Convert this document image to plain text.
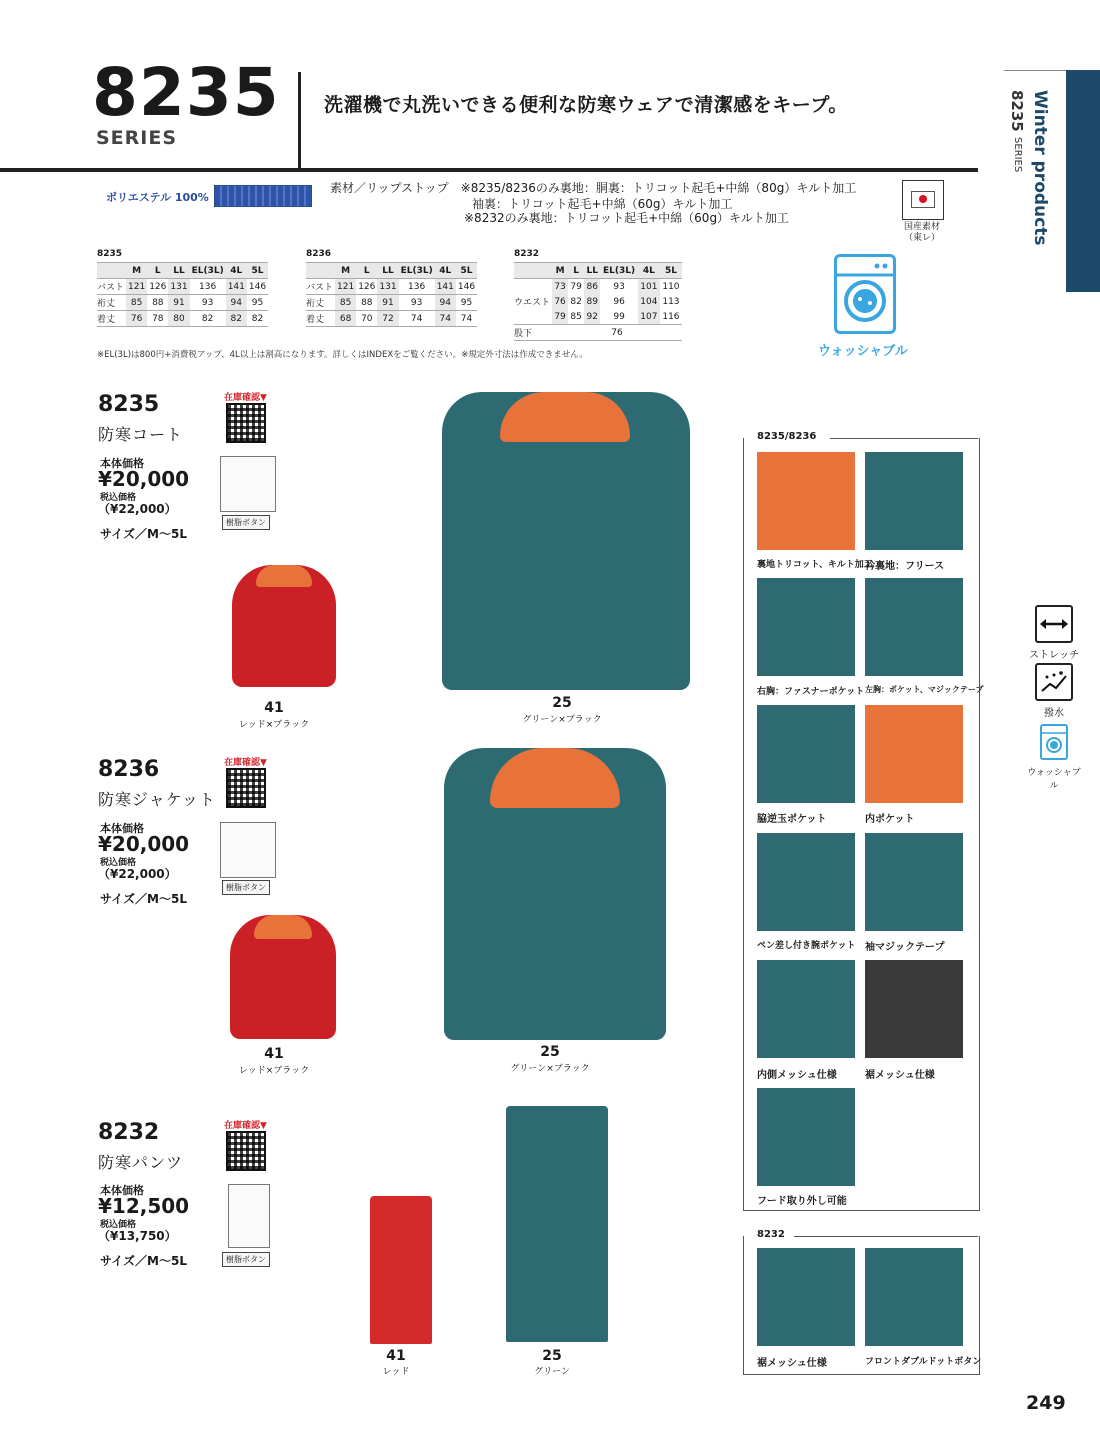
8235
SERIES
洗濯機で丸洗いできる便利な防寒ウェアで清潔感をキープ。	Winter products
8235 SERIES
ポリエステル 100%
素材／リップストップ　※8235/8236のみ裏地：胴裏：トリコット起毛+中綿（80g）キルト加工
袖裏：トリコット起毛+中綿（60g）キルト加工
※8232のみ裏地：トリコット起毛+中綿（60g）キルト加工
国産素材
（東レ）
ウォッシャブル
8235
	M	L	LL	EL(3L)	4L	5L
バスト	121	126	131	136	141	146
裄丈	85	88	91	93	94	95
着丈	76	78	80	82	82	82
8236
	M	L	LL	EL(3L)	4L	5L
バスト	121	126	131	136	141	146
裄丈	85	88	91	93	94	95
着丈	68	70	72	74	74	74
8232
	M	L	LL	EL(3L)	4L	5L
	73	79	86	93	101	110
ウエスト	76	82	89	96	104	113
	79	85	92	99	107	116
股下	76					
※EL(3L)は800円+消費税アップ、4L以上は割高になります。詳しくはINDEXをご覧ください。※規定外寸法は作成できません。
8235
防寒コート
本体価格
¥20,000
税込価格
（¥22,000）
サイズ／M～5L
在庫確認▼
樹脂ボタン
41
レッド×ブラック
25
グリーン×ブラック
8236
防寒ジャケット
本体価格
¥20,000
税込価格
（¥22,000）
サイズ／M～5L
在庫確認▼
樹脂ボタン
41
レッド×ブラック
25
グリーン×ブラック
8232
防寒パンツ
本体価格
¥12,500
税込価格
（¥13,750）
サイズ／M～5L
在庫確認▼
樹脂ボタン
41
レッド
25
グリーン
8235/8236
裏地トリコット、キルト加工
衿裏地：フリース
右胸：ファスナーポケット 左胸：ポケット、マジックテープ
脇逆玉ポケット	内ポケット
ペン差し付き腕ポケット 袖マジックテープ
内側メッシュ仕様	裾メッシュ仕様
フード取り外し可能
8232
裾メッシュ仕様	フロントダブルドットボタン
ストレッチ
撥水
ウォッシャブル
249
